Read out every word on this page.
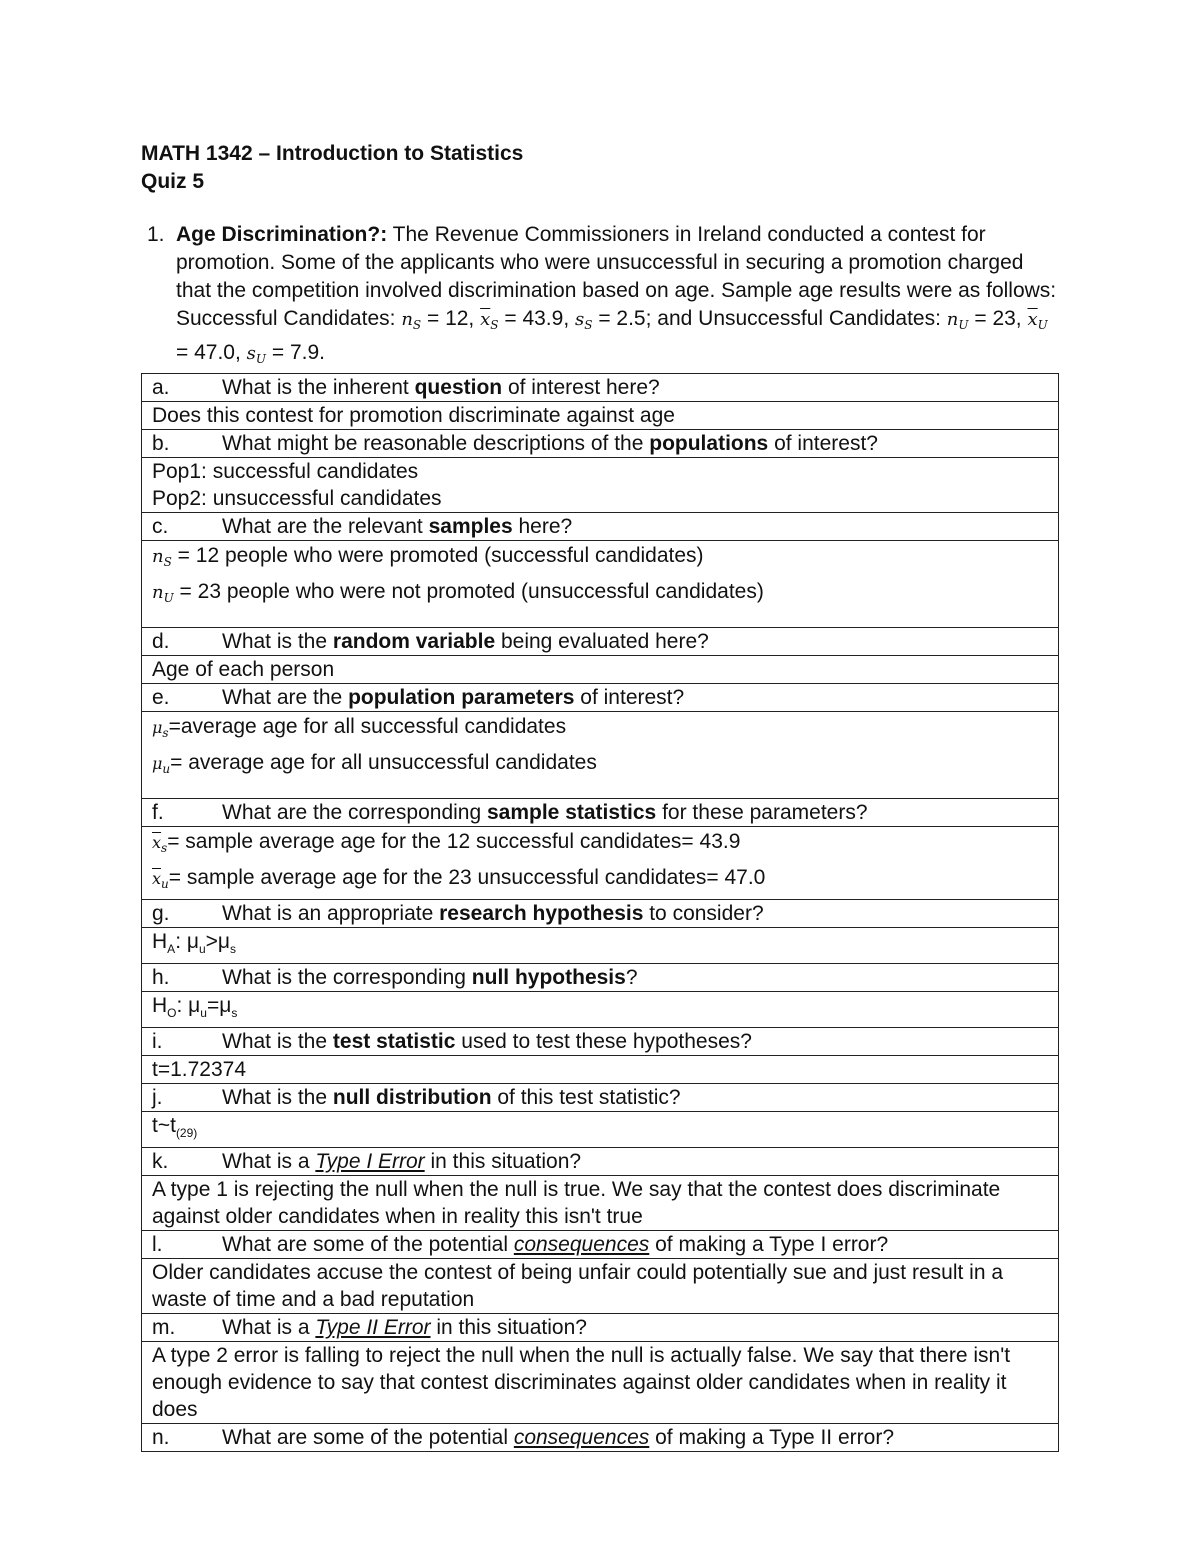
MATH 1342 – Introduction to Statistics

Quiz 5

1. Age Discrimination?: The Revenue Commissioners in Ireland conducted a contest for promotion. Some of the applicants who were unsuccessful in securing a promotion charged that the competition involved discrimination based on age. Sample age results were as follows: Successful Candidates: $n_S = 12$, $\overline{x}_S = 43.9$, $s_S = 2.5$; and Unsuccessful Candidates: $n_U = 23$, $\overline{x}_U = 47.0$, $s_U = 7.9$.
a. What is the inherent question of interest here?
Does this contest for promotion discriminate against age
b. What might be reasonable descriptions of the populations of interest?

Pop1: successful candidates
Pop2: unsuccessful candidates

c.	What are the relevant samples here?

$n_S = 12$ people who were promoted (successful candidates)
$n_U = 23$ people who were not promoted (unsuccessful candidates)

d. What is the random variable being evaluated here?
Age of each person
e. What are the population parameters of interest?

$\mu_s=average$ age for all successful candidates
$\mu_u=$ average age for all unsuccessful candidates

f.	What are the corresponding sample statistics for these parameters?

$\overline{x}_s=$ sample average age for the 12 successful candidates= 43.9
$\overline{x}_u=$ sample average age for the 23 unsuccessful candidates= 47.0

g. What is an appropriate research hypothesis to consider?
$H_A$: $\mu_u>\mu_s$
h. What is the corresponding null hypothesis?
$H_O$: $\mu_u=\mu_s$
i.	What is the test statistic used to test these hypotheses?
t=1.72374
j.	What is the null distribution of this test statistic?
$t\sim t_{(29)}$
k.	What is a Type I Error in this situation?
A type 1 is rejecting the null when the null is true. We say that the contest does discriminate against older candidates when in reality this isn't true
l.	What are some of the potential consequences of making a Type I error?
Older candidates accuse the contest of being unfair could potentially sue and just result in a waste of time and a bad reputation
m. What is a Type II Error in this situation?
A type 2 error is falling to reject the null when the null is actually false. We say that there isn't enough evidence to say that contest discriminates against older candidates when in reality it does
n. What are some of the potential consequences of making a Type II error?
